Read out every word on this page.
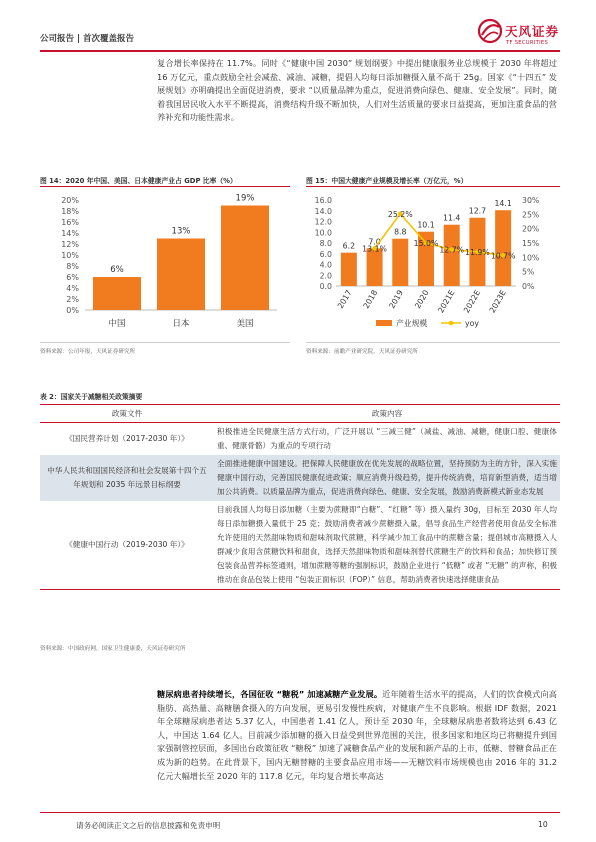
公司报告 | 首次覆盖报告	天风证券
TF SECURITIES
复合增长率保持在 11.7%。同时《“健康中国 2030” 规划纲要》中提出健康服务业总规模于 2030 年将超过 16 万亿元，重点鼓励全社会减盐、减油、减糖，提倡人均每日添加糖摄入量不高于 25g。国家《“十四五” 发展规划》亦明确提出全面促进消费，要求 “以质量品牌为重点，促进消费向绿色、健康、安全发展”。同时，随着我国居民收入水平不断提高，消费结构升级不断加快，人们对生活质量的要求日益提高，更加注重食品的营养补充和功能性需求。
图 14：2020 年中国、美国、日本健康产业占 GDP 比率（%）
0%
2%
4%
6%
8%
10%
12%
14%
16%
18%
20%
6%
中国
13%
日本
19%
美国
资料来源：公司年报，天风证券研究所
图 15：中国大健康产业规模及增长率（万亿元，%）
0.0
2.0
4.0
6.0
8.0
10.0
12.0
14.0
16.0
0%
5%
10%
15%
20%
25%
30%
6.2
2017
7.0
2018
8.8
2019
10.1
2020
11.4
2021E
12.7
2022E
14.1
2023E
13.1%
25.2%
15.0%
12.7% 11.9% 10.7%
产业规模	yoy
资料来源：前瞻产业研究院，天风证券研究所
表 2：国家关于减糖相关政策摘要
政策文件	政策内容
《国民营养计划（2017-2030 年）》	积极推进全民健康生活方式行动，广泛开展以 “三减三健”（减盐、减油、减糖，健康口腔、健康体重、健康骨骼）为重点的专项行动
中华人民共和国国民经济和社会发展第十四个五年规划和 2035 年远景目标纲要	全面推进健康中国建设。把保障人民健康放在优先发展的战略位置，坚持预防为主的方针，深入实施健康中国行动，完善国民健康促进政策；顺应消费升级趋势，提升传统消费，培育新型消费，适当增加公共消费。以质量品牌为重点，促进消费向绿色、健康、安全发展，鼓励消费新模式新业态发展
《健康中国行动（2019-2030 年）》	目前我国人均每日添加糖（主要为蔗糖即“白糖”、“红糖” 等）摄入量约 30g，目标至 2030 年人均每日添加糖摄入量低于 25 克；鼓励消费者减少蔗糖摄入量，倡导食品生产经营者使用食品安全标准允许使用的天然甜味物质和甜味剂取代蔗糖，科学减少加工食品中的蔗糖含量；提倡城市高糖摄入人群减少食用含蔗糖饮料和甜食，选择天然甜味物质和甜味剂替代蔗糖生产的饮料和食品；加快修订预包装食品营养标签通则，增加蔗糖等糖的强制标识，鼓励企业进行 “低糖” 或者 “无糖” 的声称，积极推动在食品包装上使用 “包装正面标识（FOP）” 信息，帮助消费者快速选择健康食品
资料来源：中国政府网，国家卫生健康委，天风证券研究所
糖尿病患者持续增长，各国征收 “糖税” 加速减糖产业发展。近年随着生活水平的提高，人们的饮食模式向高脂肪、高热量、高糖膳食摄入的方向发展，更易引发慢性疾病，对健康产生不良影响。根据 IDF 数据，2021 年全球糖尿病患者达 5.37 亿人，中国患者 1.41 亿人，预计至 2030 年，全球糖尿病患者数将达到 6.43 亿人，中国达 1.64 亿人。目前减少添加糖的摄入日益受到世界范围的关注，很多国家和地区均已将糖提升到国家强制管控层面，多国出台政策征收 “糖税” 加速了减糖食品产业的发展和新产品的上市，低糖、替糖食品正在成为新的趋势。在此背景下，国内无糖替糖的主要食品应用市场——无糖饮料市场规模也由 2016 年的 31.2 亿元大幅增长至 2020 年的 117.8 亿元，年均复合增长率高达
请务必阅读正文之后的信息披露和免责申明	10
